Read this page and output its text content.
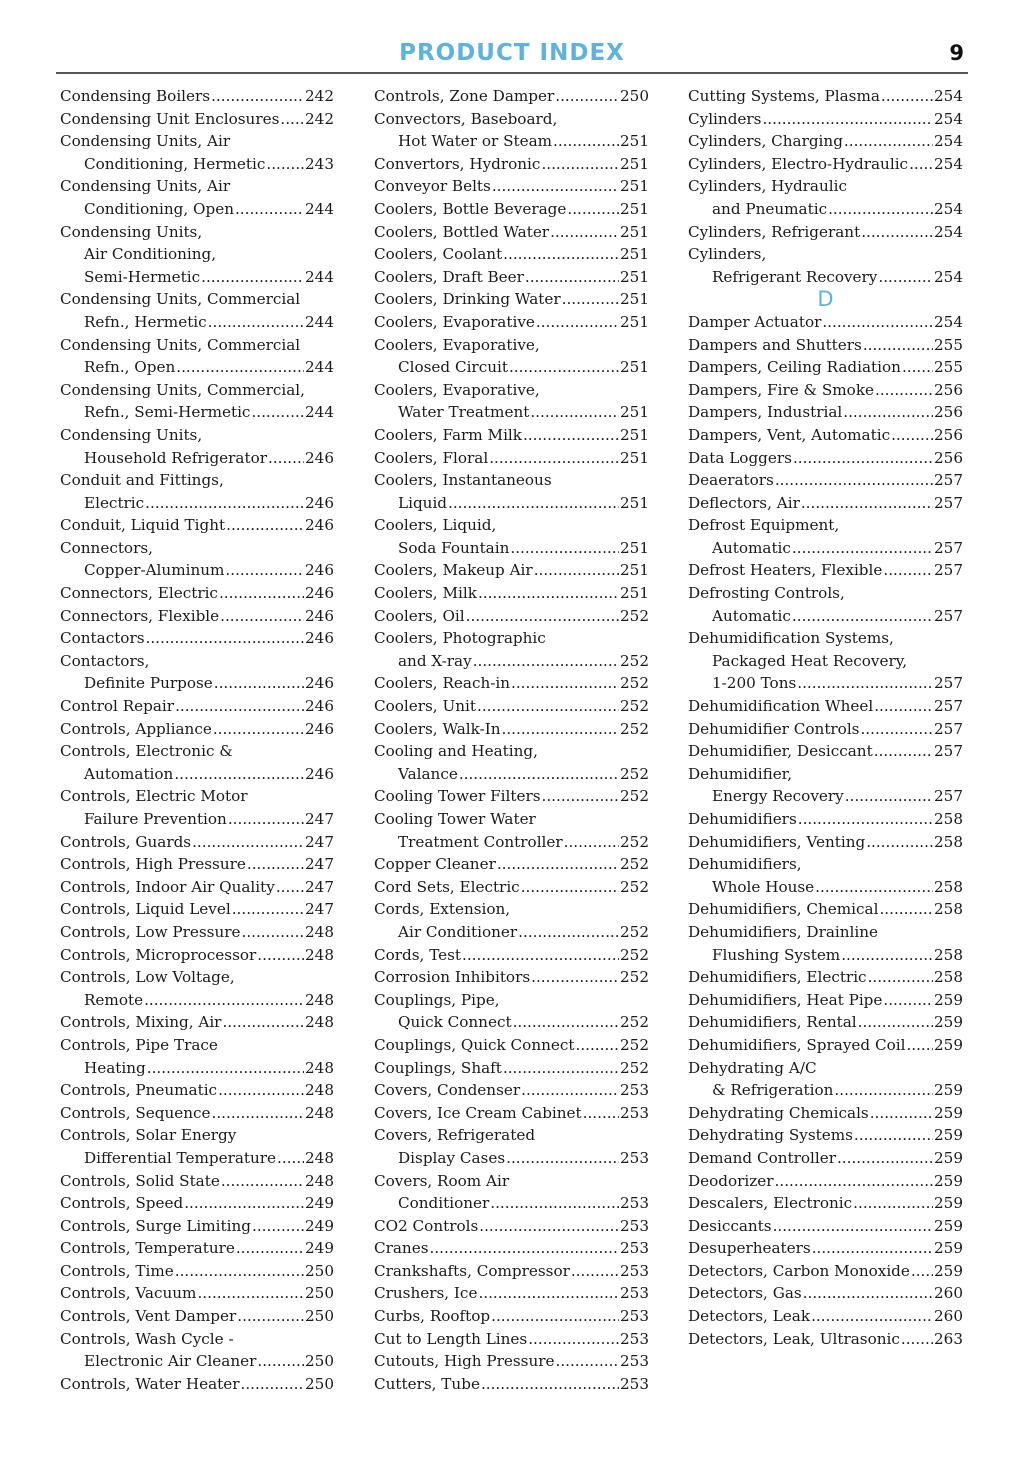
PRODUCT INDEX	9
Condensing Boilers .....	242
Condensing Unit Enclosures ..... 242
Condensing Units, Air
Conditioning, Hermetic .....	243
Condensing Units, Air
Conditioning, Open .....	244
Condensing Units,
Air Conditioning,
Semi-Hermetic .....	244
Condensing Units, Commercial
Refn., Hermetic .....	244
Condensing Units, Commercial
Refn., Open .....	244
Condensing Units, Commercial,
Refn., Semi-Hermetic .....	244
Condensing Units,
Household Refrigerator .....	246
Conduit and Fittings,
Electric .....	246
Conduit, Liquid Tight .....	246
Connectors,
Copper-Aluminum .....	246
Connectors, Electric .....	246
Connectors, Flexible .....	246
Contactors .....	246
Contactors,
Definite Purpose .....	246
Control Repair .....	246
Controls, Appliance .....	246
Controls, Electronic &
Automation .....	246
Controls, Electric Motor
Failure Prevention .....	247
Controls, Guards .....	247
Controls, High Pressure .....	247
Controls, Indoor Air Quality ..... 247
Controls, Liquid Level .....	247
Controls, Low Pressure .....	248
Controls, Microprocessor .....	248
Controls, Low Voltage,
Remote .....	248
Controls, Mixing, Air .....	248
Controls, Pipe Trace
Heating .....	248
Controls, Pneumatic .....	248
Controls, Sequence .....	248
Controls, Solar Energy
Differential Temperature ..... 248
Controls, Solid State .....	248
Controls, Speed .....	249
Controls, Surge Limiting .....	249
Controls, Temperature .....	249
Controls, Time .....	250
Controls, Vacuum .....	250
Controls, Vent Damper .....	250
Controls, Wash Cycle -
Electronic Air Cleaner .....	250
Controls, Water Heater .....	250
Controls, Zone Damper .....	250
Convectors, Baseboard,
Hot Water or Steam .....	251
Convertors, Hydronic .....	251
Conveyor Belts .....	251
Coolers, Bottle Beverage .....	251
Coolers, Bottled Water .....	251
Coolers, Coolant .....	251
Coolers, Draft Beer .....	251
Coolers, Drinking Water .....	251
Coolers, Evaporative .....	251
Coolers, Evaporative,
Closed Circuit .....	251
Coolers, Evaporative,
Water Treatment .....	251
Coolers, Farm Milk .....	251
Coolers, Floral .....	251
Coolers, Instantaneous
Liquid .....	251
Coolers, Liquid,
Soda Fountain .....	251
Coolers, Makeup Air .....	251
Coolers, Milk .....	251
Coolers, Oil .....	252
Coolers, Photographic
and X-ray .....	252
Coolers, Reach-in .....	252
Coolers, Unit .....	252
Coolers, Walk-In .....	252
Cooling and Heating,
Valance .....	252
Cooling Tower Filters .....	252
Cooling Tower Water
Treatment Controller .....	252
Copper Cleaner .....	252
Cord Sets, Electric .....	252
Cords, Extension,
Air Conditioner .....	252
Cords, Test .....	252
Corrosion Inhibitors .....	252
Couplings, Pipe,
Quick Connect .....	252
Couplings, Quick Connect .....	252
Couplings, Shaft .....	252
Covers, Condenser .....	253
Covers, Ice Cream Cabinet .....	253
Covers, Refrigerated
Display Cases .....	253
Covers, Room Air
Conditioner .....	253
CO2 Controls .....	253
Cranes .....	253
Crankshafts, Compressor .....	253
Crushers, Ice .....	253
Curbs, Rooftop .....	253
Cut to Length Lines .....	253
Cutouts, High Pressure .....	253
Cutters, Tube .....	253
Cutting Systems, Plasma .....	254
Cylinders .....	254
Cylinders, Charging .....	254
Cylinders, Electro-Hydraulic ..... 254
Cylinders, Hydraulic
and Pneumatic .....	254
Cylinders, Refrigerant .....	254
Cylinders,
Refrigerant Recovery .....	254
D
Damper Actuator .....	254
Dampers and Shutters .....	255
Dampers, Ceiling Radiation ..... 255
Dampers, Fire & Smoke .....	256
Dampers, Industrial .....	256
Dampers, Vent, Automatic .....	256
Data Loggers .....	256
Deaerators .....	257
Deflectors, Air .....	257
Defrost Equipment,
Automatic .....	257
Defrost Heaters, Flexible .....	257
Defrosting Controls,
Automatic .....	257
Dehumidification Systems,
Packaged Heat Recovery,
1-200 Tons .....	257
Dehumidification Wheel .....	257
Dehumidifier Controls .....	257
Dehumidifier, Desiccant .....	257
Dehumidifier,
Energy Recovery .....	257
Dehumidifiers .....	258
Dehumidifiers, Venting .....	258
Dehumidifiers,
Whole House .....	258
Dehumidifiers, Chemical .....	258
Dehumidifiers, Drainline
Flushing System .....	258
Dehumidifiers, Electric .....	258
Dehumidifiers, Heat Pipe .....	259
Dehumidifiers, Rental .....	259
Dehumidifiers, Sprayed Coil ..... 259
Dehydrating A/C
& Refrigeration .....	259
Dehydrating Chemicals .....	259
Dehydrating Systems .....	259
Demand Controller .....	259
Deodorizer .....	259
Descalers, Electronic .....	259
Desiccants .....	259
Desuperheaters .....	259
Detectors, Carbon Monoxide ..... 259
Detectors, Gas .....	260
Detectors, Leak .....	260
Detectors, Leak, Ultrasonic ..... 263
